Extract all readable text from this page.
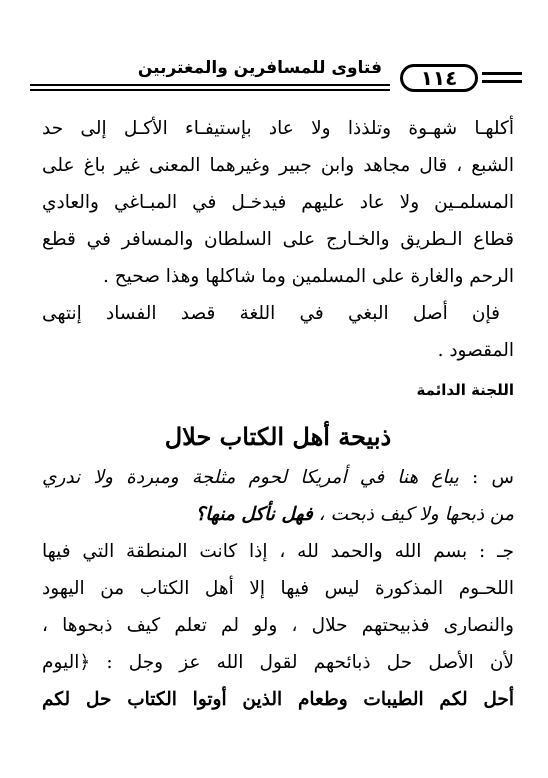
فتاوى للمسافرين والمغتربين	١١٤
أكلهـا شهـوة وتلذذا ولا عاد بإستيفـاء الأكـل إلى حد
الشبع ، قال مجاهد وابن جبير وغيرهما المعنى غير باغ على
المسلمـين ولا عاد عليهم فيدخـل في المبـاغي والعادي
قطاع الـطريق والخـارج على السلطان والمسافر في قطع
الرحم والغارة على المسلمين وما شاكلها وهذا صحيح .
فإن أصل البغي في اللغة قصد الفساد إنتهى
المقصود .
اللجنة الدائمة
ذبيحة أهل الكتاب حلال
س : يباع هنا في أمريكا لحوم مثلجة ومبردة ولا ندري
من ذبحها ولا كيف ذبحت ، فهل نأكل منها؟
جـ : بسم الله والحمد لله ، إذا كانت المنطقة التي فيها
اللحـوم المذكورة ليس فيها إلا أهل الكتاب من اليهود
والنصارى فذبيحتهم حلال ، ولو لم تعلم كيف ذبحوها ،
لأن الأصل حل ذبائحهم لقول الله عز وجل : ﴿اليوم
أحل لكم الطيبات وطعام الذين أوتوا الكتاب حل لكم
